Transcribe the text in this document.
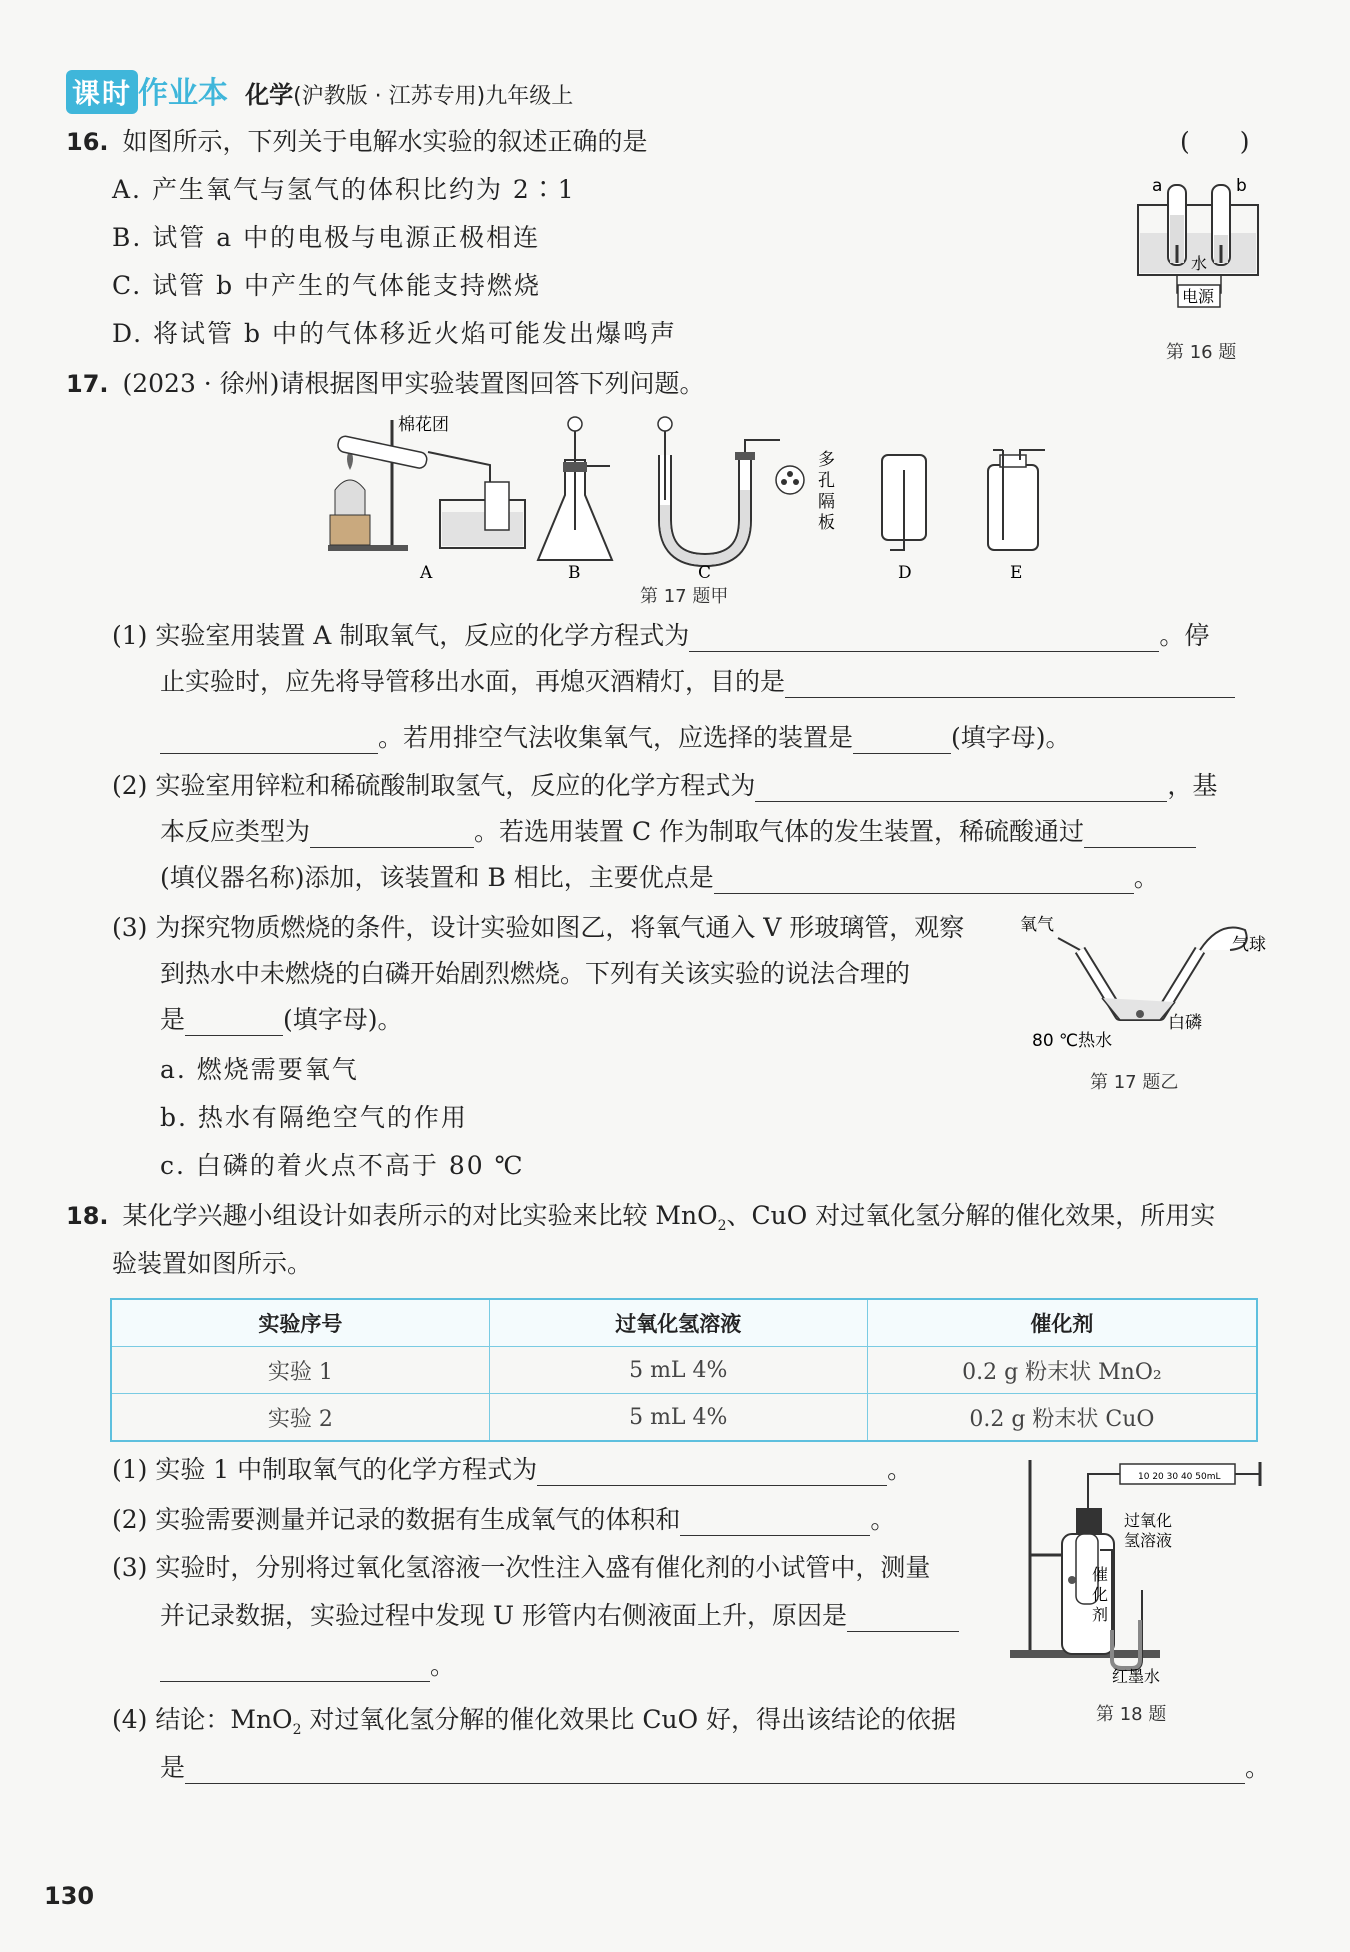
课时 作业本 化学(沪教版 · 江苏专用)九年级上
16. 如图所示，下列关于电解水实验的叙述正确的是	(　　)
A. 产生氧气与氢气的体积比约为 2∶1
B. 试管 a 中的电极与电源正极相连
C. 试管 b 中产生的气体能支持燃烧
D. 将试管 b 中的气体移近火焰可能发出爆鸣声
a	b
水
电源
第 16 题
17. (2023 · 徐州)请根据图甲实验装置图回答下列问题。
棉花团
多
孔
隔
板
A	B	C	D	E
第 17 题甲
(1) 实验室用装置 A 制取氧气，反应的化学方程式为	。停
止实验时，应先将导管移出水面，再熄灭酒精灯，目的是
。若用排空气法收集氧气，应选择的装置是	(填字母)。
(2) 实验室用锌粒和稀硫酸制取氢气，反应的化学方程式为	，基
本反应类型为	。若选用装置 C 作为制取气体的发生装置，稀硫酸通过
(填仪器名称)添加，该装置和 B 相比，主要优点是	。
(3) 为探究物质燃烧的条件，设计实验如图乙，将氧气通入 V 形玻璃管，观察
到热水中未燃烧的白磷开始剧烈燃烧。下列有关该实验的说法合理的
是	(填字母)。
a. 燃烧需要氧气
b. 热水有隔绝空气的作用
c. 白磷的着火点不高于 80 ℃
氧气
气球
80 ℃热水
白磷
第 17 题乙
18. 某化学兴趣小组设计如表所示的对比实验来比较 MnO$_2$、CuO 对过氧化氢分解的催化效果，所用实
验装置如图所示。
实验序号	过氧化氢溶液	催化剂
实验 1	5 mL 4%	0.2 g 粉末状 MnO₂
实验 2	5 mL 4%	0.2 g 粉末状 CuO
(1) 实验 1 中制取氧气的化学方程式为	。
(2) 实验需要测量并记录的数据有生成氧气的体积和	。
(3) 实验时，分别将过氧化氢溶液一次性注入盛有催化剂的小试管中，测量
并记录数据，实验过程中发现 U 形管内右侧液面上升，原因是
。
(4) 结论：MnO$_2$ 对过氧化氢分解的催化效果比 CuO 好，得出该结论的依据
是	。
10 20 30 40 50mL
过氧化
氢溶液
催
化
剂
红墨水
第 18 题
130
